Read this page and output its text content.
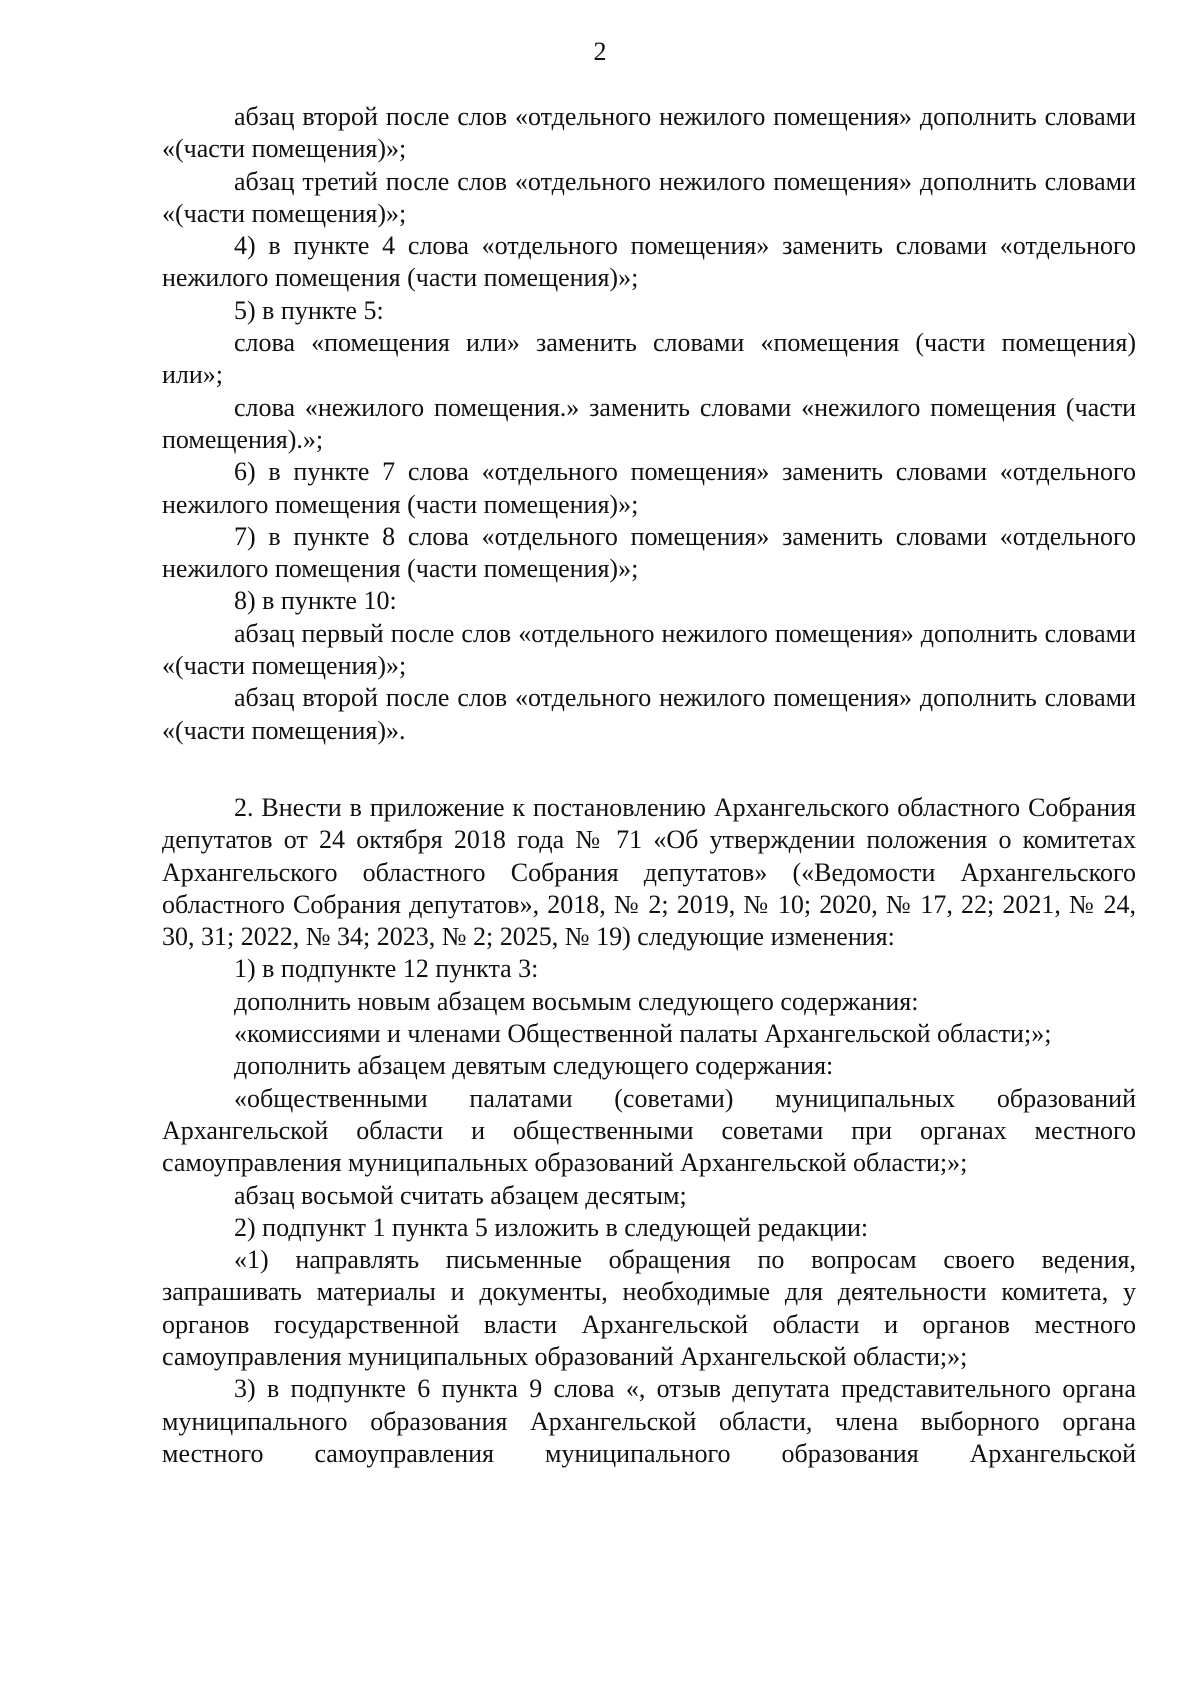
2

абзац второй после слов «отдельного нежилого помещения» дополнить словами «(части помещения)»;

абзац третий после слов «отдельного нежилого помещения» дополнить словами «(части помещения)»;

4) в пункте 4 слова «отдельного помещения» заменить словами «отдельного нежилого помещения (части помещения)»;

5) в пункте 5:

слова «помещения или» заменить словами «помещения (части помещения) или»;

слова «нежилого помещения.» заменить словами «нежилого помещения (части помещения).»;

6) в пункте 7 слова «отдельного помещения» заменить словами «отдельного нежилого помещения (части помещения)»;

7) в пункте 8 слова «отдельного помещения» заменить словами «отдельного нежилого помещения (части помещения)»;

8) в пункте 10:

абзац первый после слов «отдельного нежилого помещения» дополнить словами «(части помещения)»;

абзац второй после слов «отдельного нежилого помещения» дополнить словами «(части помещения)».

2. Внести в приложение к постановлению Архангельского областного Собрания депутатов от 24 октября 2018 года № 71 «Об утверждении положения о комитетах Архангельского областного Собрания депутатов» («Ведомости Архангельского областного Собрания депутатов», 2018, № 2; 2019, № 10; 2020, № 17, 22; 2021, № 24, 30, 31; 2022, № 34; 2023, № 2; 2025, № 19) следующие изменения:

1) в подпункте 12 пункта 3:

дополнить новым абзацем восьмым следующего содержания:

«комиссиями и членами Общественной палаты Архангельской области;»;

дополнить абзацем девятым следующего содержания:

«общественными палатами (советами) муниципальных образований Архангельской области и общественными советами при органах местного самоуправления муниципальных образований Архангельской области;»;

абзац восьмой считать абзацем десятым;

2) подпункт 1 пункта 5 изложить в следующей редакции:

«1) направлять письменные обращения по вопросам своего ведения, запрашивать материалы и документы, необходимые для деятельности комитета, у органов государственной власти Архангельской области и органов местного самоуправления муниципальных образований Архангельской области;»;

3) в подпункте 6 пункта 9 слова «, отзыв депутата представительного органа муниципального образования Архангельской области, члена выборного органа местного самоуправления муниципального образования Архангельской
